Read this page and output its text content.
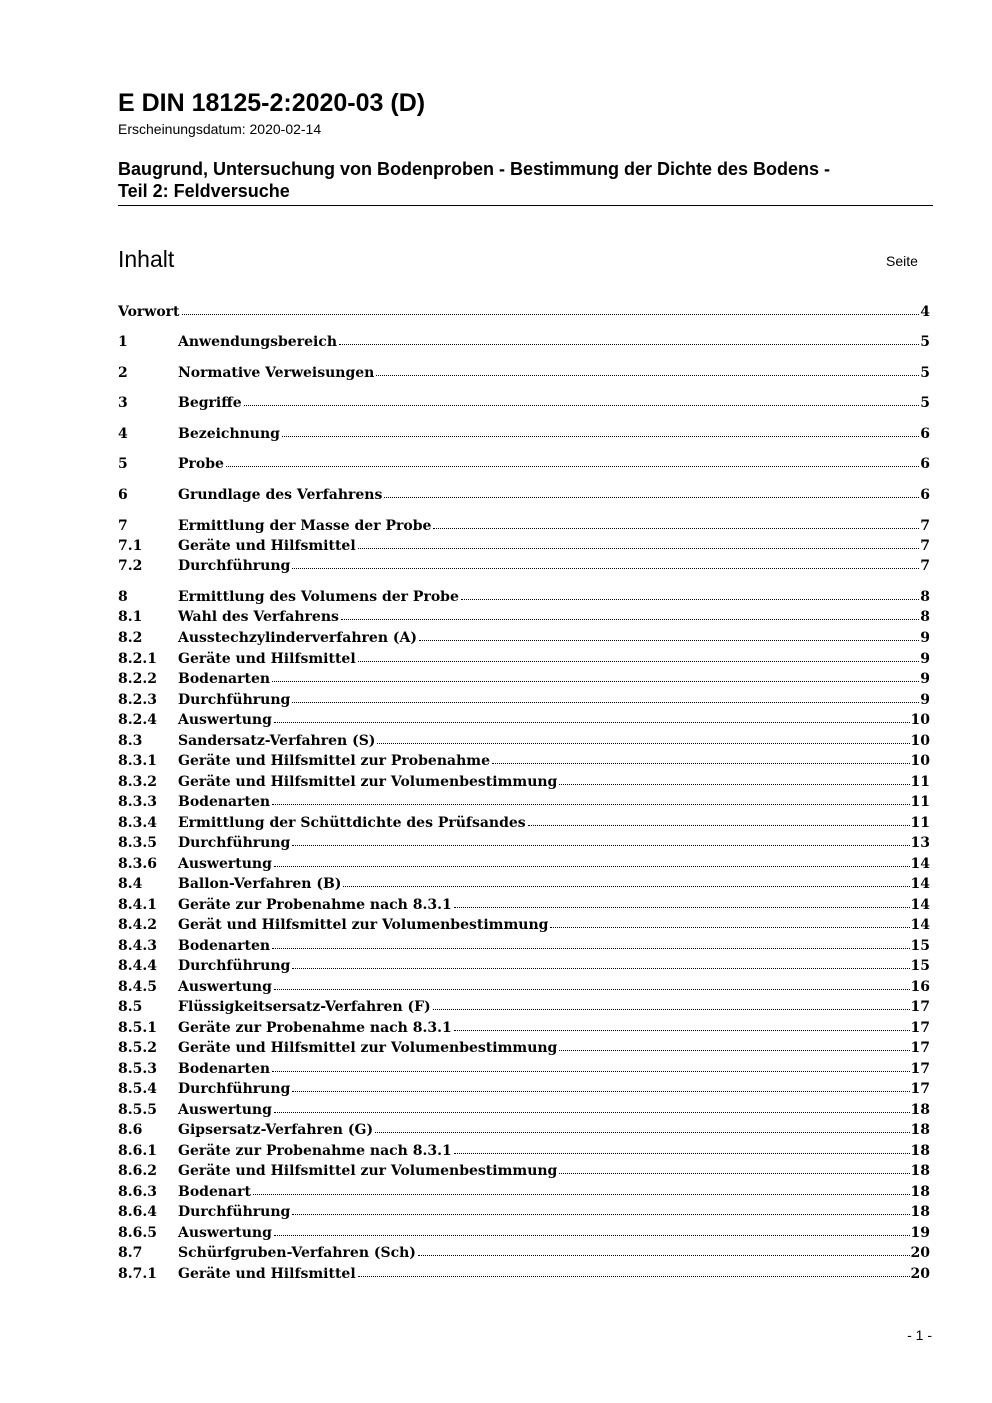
E DIN 18125-2:2020-03 (D)
Erscheinungsdatum: 2020-02-14
Baugrund, Untersuchung von Bodenproben - Bestimmung der Dichte des Bodens -
Teil 2: Feldversuche
Inhalt	Seite
Vorwort	4
1	Anwendungsbereich	5
2	Normative Verweisungen	5
3	Begriffe	5
4	Bezeichnung	6
5	Probe	6
6	Grundlage des Verfahrens	6
7	Ermittlung der Masse der Probe	7
7.1	Geräte und Hilfsmittel	7
7.2	Durchführung	7
8	Ermittlung des Volumens der Probe	8
8.1	Wahl des Verfahrens	8
8.2	Ausstechzylinderverfahren (A)	9
8.2.1	Geräte und Hilfsmittel	9
8.2.2	Bodenarten	9
8.2.3	Durchführung	9
8.2.4	Auswertung	10
8.3	Sandersatz-Verfahren (S)	10
8.3.1	Geräte und Hilfsmittel zur Probenahme	10
8.3.2	Geräte und Hilfsmittel zur Volumenbestimmung	11
8.3.3	Bodenarten	11
8.3.4	Ermittlung der Schüttdichte des Prüfsandes	11
8.3.5	Durchführung	13
8.3.6	Auswertung	14
8.4	Ballon-Verfahren (B)	14
8.4.1	Geräte zur Probenahme nach 8.3.1	14
8.4.2	Gerät und Hilfsmittel zur Volumenbestimmung	14
8.4.3	Bodenarten	15
8.4.4	Durchführung	15
8.4.5	Auswertung	16
8.5	Flüssigkeitsersatz-Verfahren (F)	17
8.5.1	Geräte zur Probenahme nach 8.3.1	17
8.5.2	Geräte und Hilfsmittel zur Volumenbestimmung	17
8.5.3	Bodenarten	17
8.5.4	Durchführung	17
8.5.5	Auswertung	18
8.6	Gipsersatz-Verfahren (G)	18
8.6.1	Geräte zur Probenahme nach 8.3.1	18
8.6.2	Geräte und Hilfsmittel zur Volumenbestimmung	18
8.6.3	Bodenart	18
8.6.4	Durchführung	18
8.6.5	Auswertung	19
8.7	Schürfgruben-Verfahren (Sch)	20
8.7.1	Geräte und Hilfsmittel	20
- 1 -
